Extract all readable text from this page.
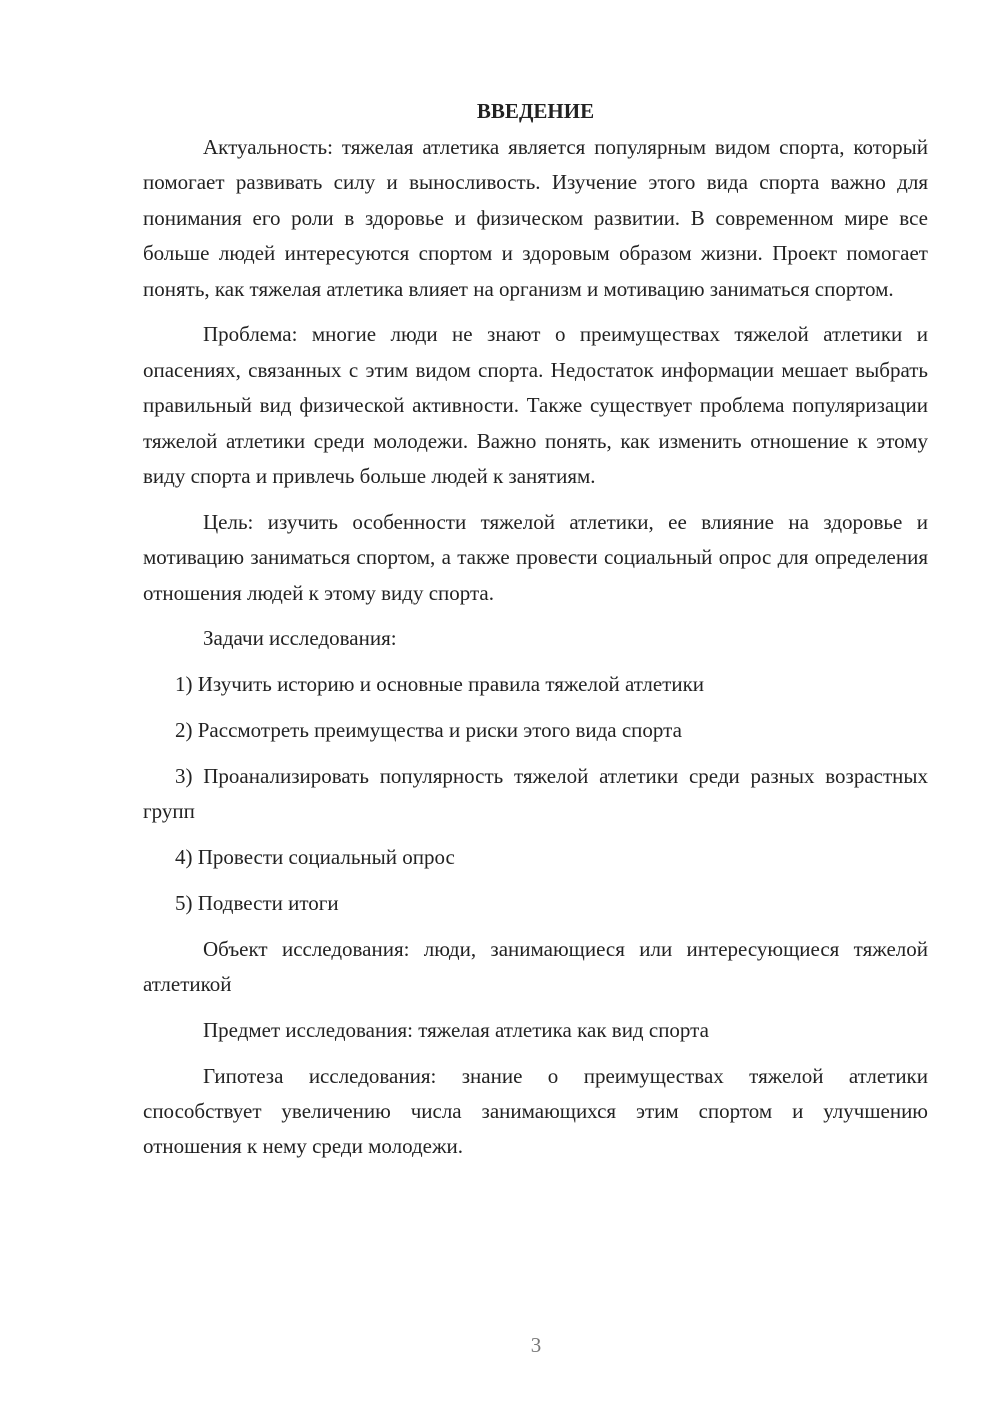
ВВЕДЕНИЕ

Актуальность: тяжелая атлетика является популярным видом спорта, который помогает развивать силу и выносливость. Изучение этого вида спорта важно для понимания его роли в здоровье и физическом развитии. В современном мире все больше людей интересуются спортом и здоровым образом жизни. Проект помогает понять, как тяжелая атлетика влияет на организм и мотивацию заниматься спортом.

Проблема: многие люди не знают о преимуществах тяжелой атлетики и опасениях, связанных с этим видом спорта. Недостаток информации мешает выбрать правильный вид физической активности. Также существует проблема популяризации тяжелой атлетики среди молодежи. Важно понять, как изменить отношение к этому виду спорта и привлечь больше людей к занятиям.

Цель: изучить особенности тяжелой атлетики, ее влияние на здоровье и мотивацию заниматься спортом, а также провести социальный опрос для определения отношения людей к этому виду спорта.

Задачи исследования:

1) Изучить историю и основные правила тяжелой атлетики

2) Рассмотреть преимущества и риски этого вида спорта

3) Проанализировать популярность тяжелой атлетики среди разных возрастных групп

4) Провести социальный опрос

5) Подвести итоги

Объект исследования: люди, занимающиеся или интересующиеся тяжелой атлетикой

Предмет исследования: тяжелая атлетика как вид спорта

Гипотеза исследования: знание о преимуществах тяжелой атлетики способствует увеличению числа занимающихся этим спортом и улучшению отношения к нему среди молодежи.

3
